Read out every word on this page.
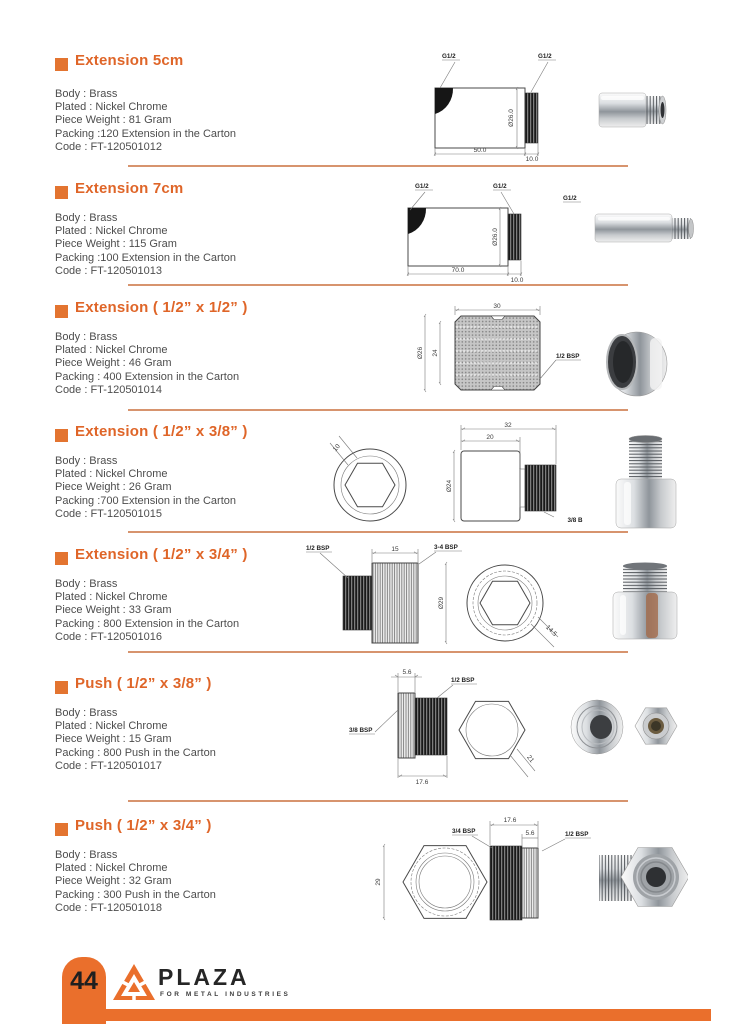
Extension 5cm

Body : Brass

Plated : Nickel Chrome

Piece Weight : 81 Gram

Packing :120 Extension in the Carton

Code : FT-120501012

G1/2	G1/2
Ø26.0
50.0
10.0
Extension 7cm

Body : Brass

Plated : Nickel Chrome

Piece Weight : 115 Gram

Packing :100 Extension in the Carton

Code : FT-120501013

G1/2	G1/2
G1/2
Ø26.0
70.0
10.0
Extension ( 1/2” x 1/2” )

Body : Brass

Plated : Nickel Chrome

Piece Weight : 46 Gram

Packing : 400 Extension in the Carton

Code : FT-120501014

30
Ø26 24	1/2 BSP
Extension ( 1/2” x 3/8” )

Body : Brass

Plated : Nickel Chrome

Piece Weight : 26 Gram

Packing :700 Extension in the Carton

Code : FT-120501015

10
32
20
Ø24
3/8 B
Extension ( 1/2” x 3/4” )

Body : Brass

Plated : Nickel Chrome

Piece Weight : 33 Gram

Packing : 800 Extension in the Carton

Code : FT-120501016

1/2 BSP	15	3-4 BSP
Ø29
14.5
Push ( 1/2” x 3/8” )

Body : Brass

Plated : Nickel Chrome

Piece Weight : 15 Gram

Packing : 800 Push in the Carton

Code : FT-120501017

5.6
1/2 BSP
3/8 BSP
17.6
21
Push ( 1/2” x 3/4” )

Body : Brass

Plated : Nickel Chrome

Piece Weight : 32 Gram

Packing : 300 Push in the Carton

Code : FT-120501018

17.6
3/4 BSP	5.6	1/2 BSP
29
44	PLAZA

FOR METAL INDUSTRIES
